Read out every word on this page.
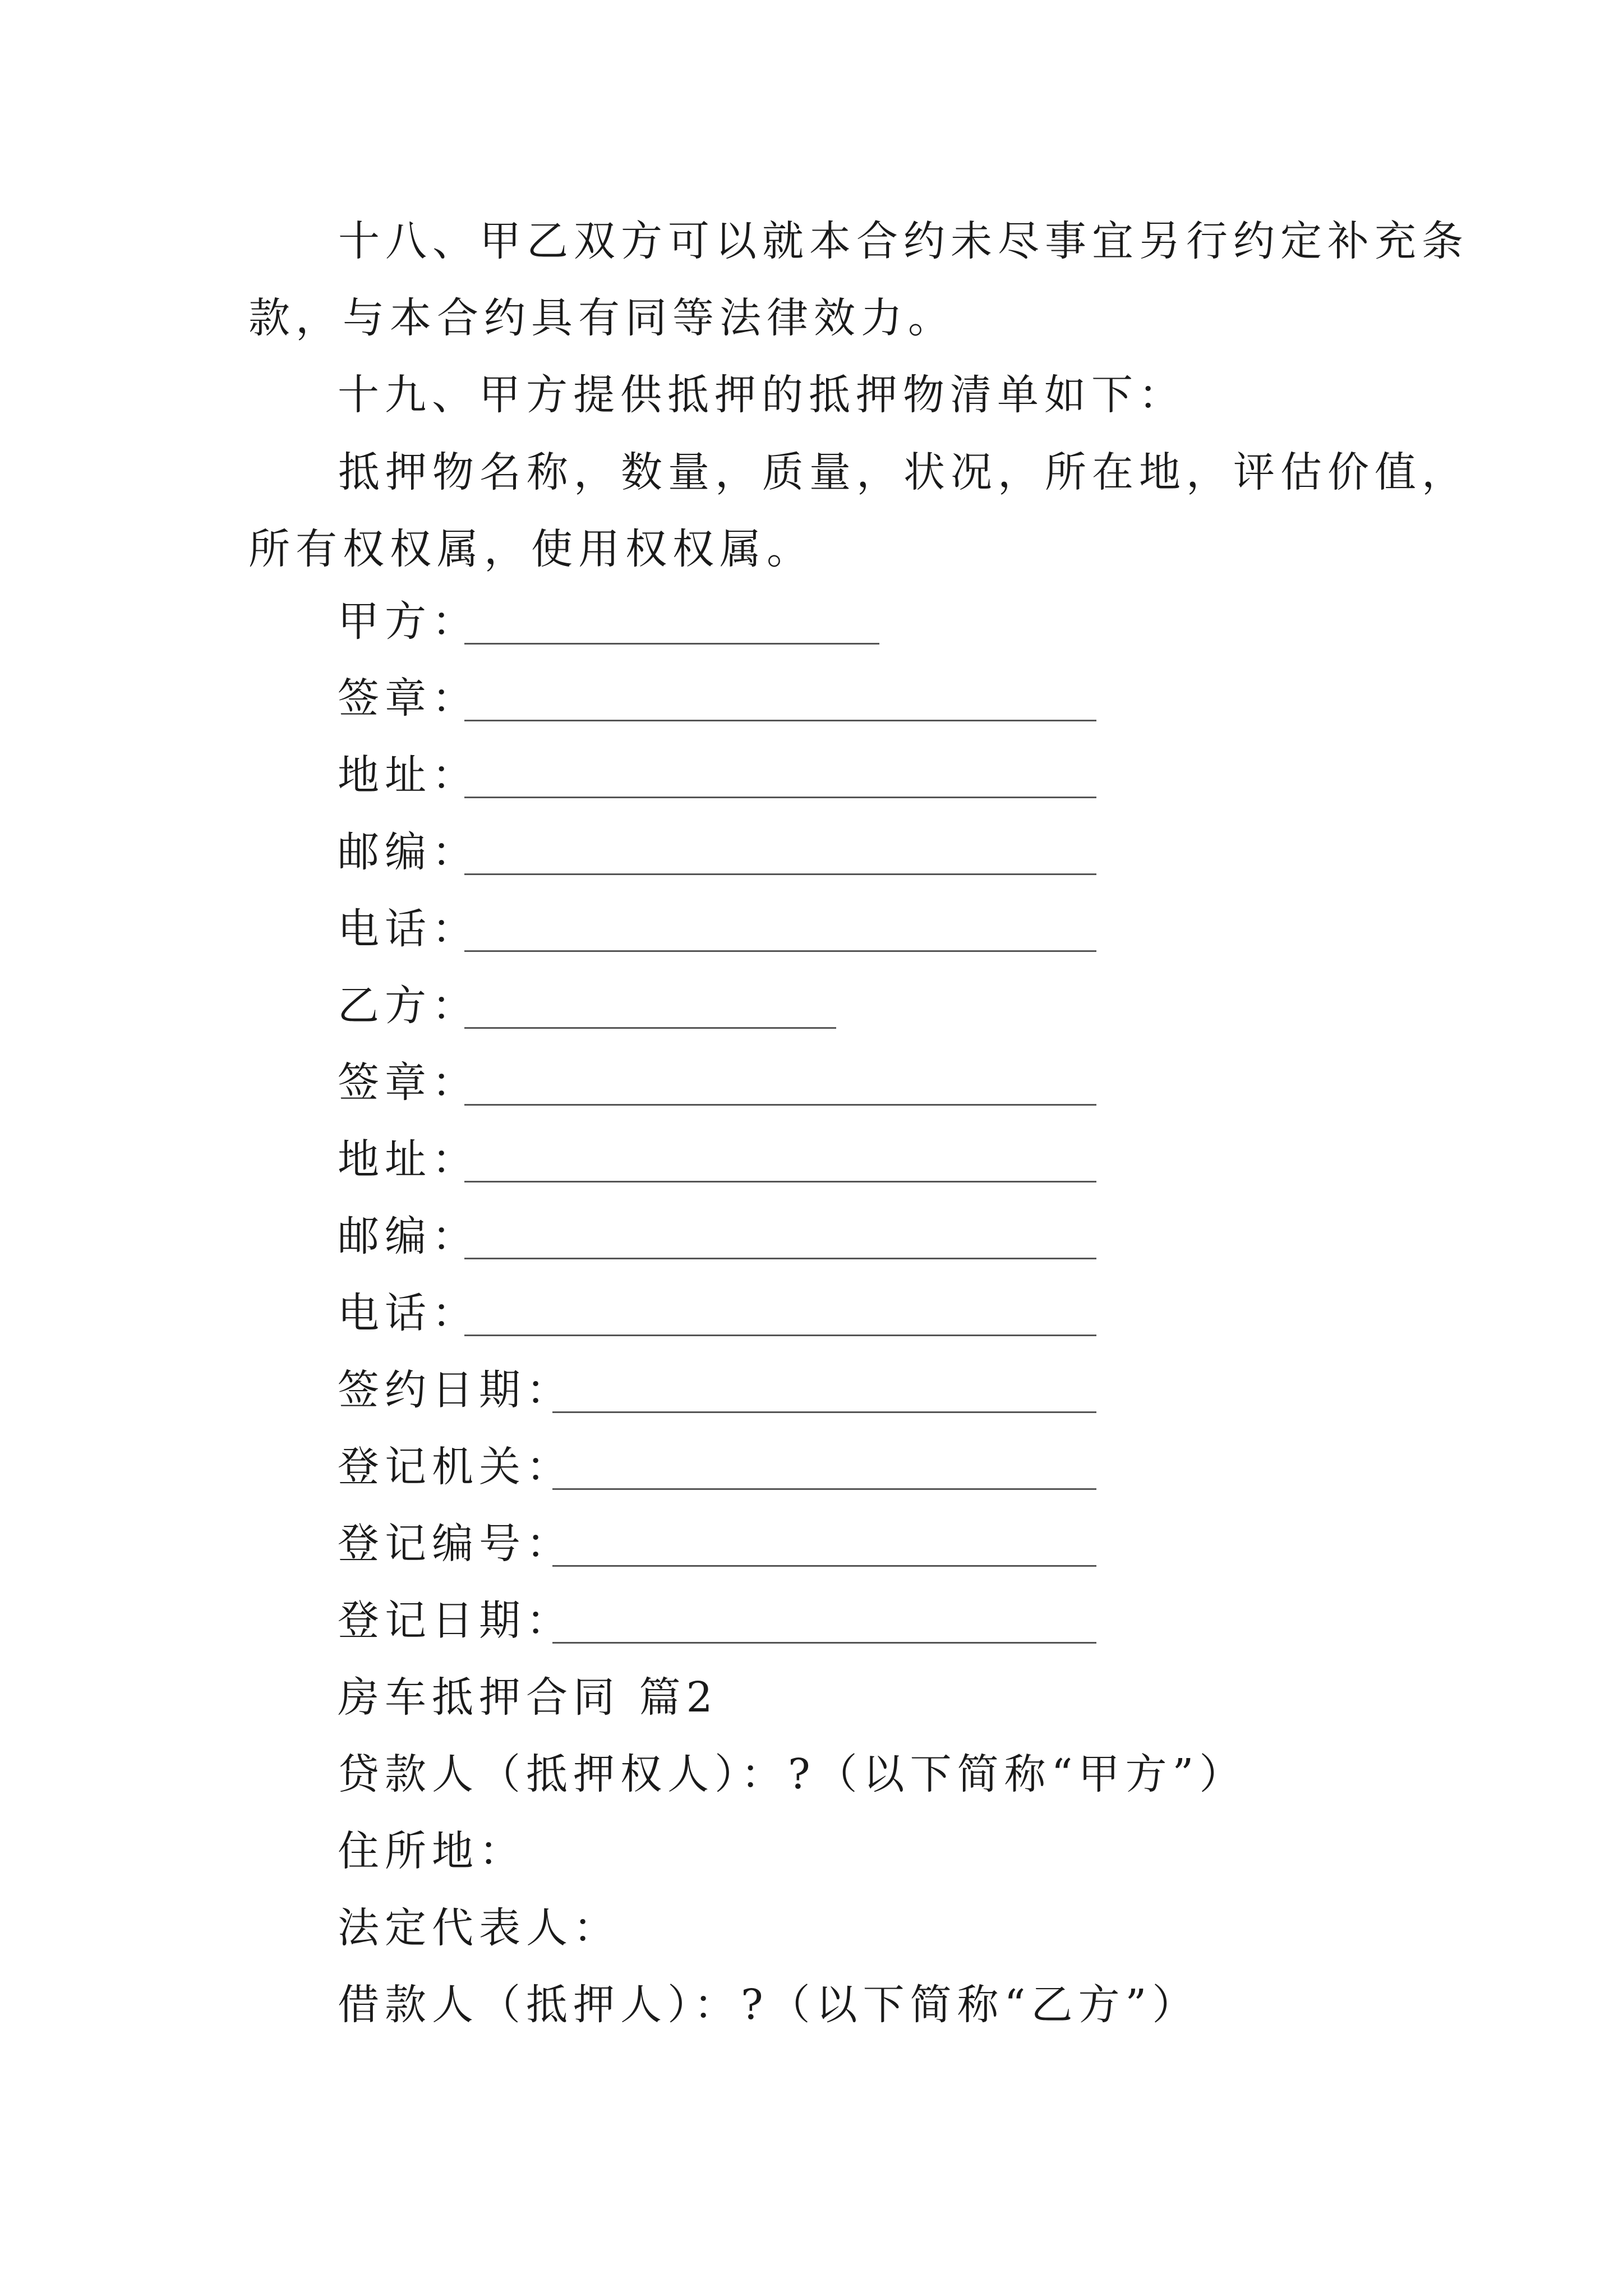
十八、甲乙双方可以就本合约未尽事宜另行约定补充条
款，与本合约具有同等法律效力。
十九、甲方提供抵押的抵押物清单如下：
抵押物名称，数量，质量，状况，所在地，评估价值，
所有权权属，使用权权属。
甲方：
签章：
地址：
邮编：
电话：
乙方：
签章：
地址：
邮编：
电话：
签约日期：
登记机关：
登记编号：
登记日期：
房车抵押合同 篇2
贷款人（抵押权人）：?（以下简称“甲方”）
住所地：
法定代表人：
借款人（抵押人）：?（以下简称“乙方”）
